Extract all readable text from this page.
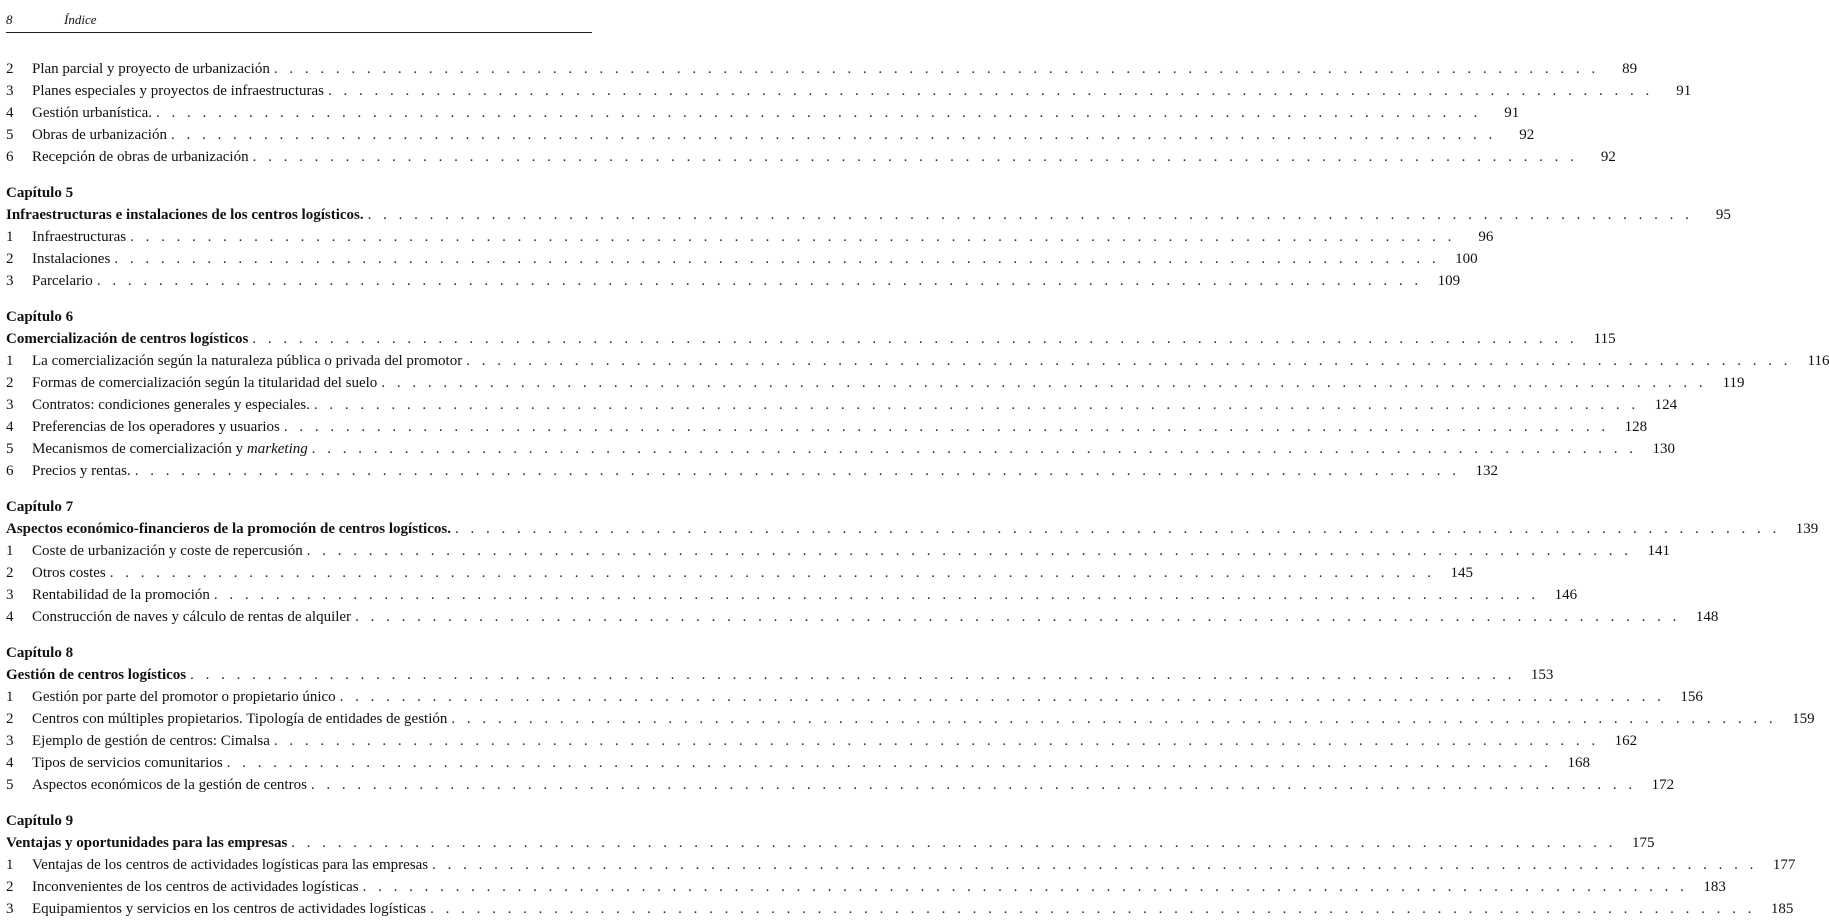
8	Índice
2	Plan parcial y proyecto de urbanización . . .	89
3	Planes especiales y proyectos de infraestructuras . . .	91
4	Gestión urbanística. . . .	91
5	Obras de urbanización . . .	92
6	Recepción de obras de urbanización . . .	92
Capítulo 5
Infraestructuras e instalaciones de los centros logísticos. . . .	95
1	Infraestructuras . . .	96
2	Instalaciones . . .	100
3	Parcelario . . .	109
Capítulo 6
Comercialización de centros logísticos . . .	115
1	La comercialización según la naturaleza pública o privada del promotor . . .	116
2	Formas de comercialización según la titularidad del suelo . . .	119
3	Contratos: condiciones generales y especiales. . . .	124
4	Preferencias de los operadores y usuarios . . .	128
5	Mecanismos de comercialización y marketing . . .	130
6	Precios y rentas. . . .	132
Capítulo 7
Aspectos económico-financieros de la promoción de centros logísticos. . . .	139
1	Coste de urbanización y coste de repercusión . . .	141
2	Otros costes . . .	145
3	Rentabilidad de la promoción . . .	146
4	Construcción de naves y cálculo de rentas de alquiler . . .	148
Capítulo 8
Gestión de centros logísticos . . .	153
1	Gestión por parte del promotor o propietario único . . .	156
2	Centros con múltiples propietarios. Tipología de entidades de gestión . . .	159
3	Ejemplo de gestión de centros: Cimalsa . . .	162
4	Tipos de servicios comunitarios . . .	168
5	Aspectos económicos de la gestión de centros . . .	172
Capítulo 9
Ventajas y oportunidades para las empresas . . .	175
1	Ventajas de los centros de actividades logísticas para las empresas . . .	177
2	Inconvenientes de los centros de actividades logísticas . . .	183
3	Equipamientos y servicios en los centros de actividades logísticas . . .	185
